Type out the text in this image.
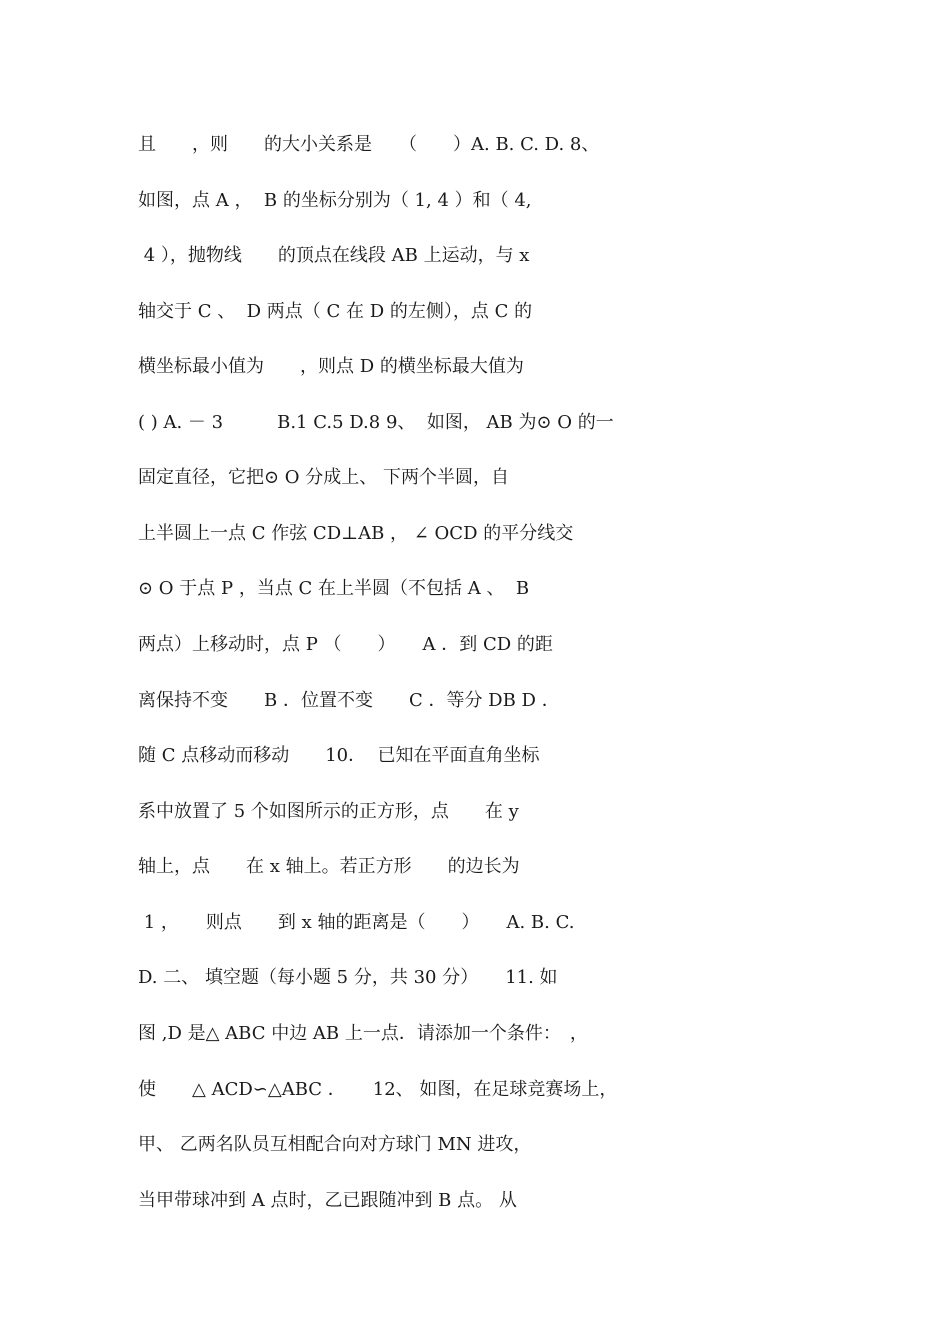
且　　，则　　的大小关系是　　（　　）A. B. C. D. 8、
如图，点 A ，  B 的坐标分别为（ 1, 4 ）和（ 4,
4 ），抛物线　　的顶点在线段 AB 上运动，与 x
轴交于 C 、  D 两点（ C 在 D 的左侧），点 C 的
横坐标最小值为　　，则点 D 的横坐标最大值为
( ) A. － 3　　　B.1 C.5 D.8 9、  如图， AB 为⊙ O 的一
固定直径，它把⊙ O 分成上、 下两个半圆，自
上半圆上一点 C 作弦 CD⊥AB ， ∠ OCD 的平分线交
⊙ O 于点 P ，当点 C 在上半圆（不包括 A 、  B
两点）上移动时，点 P （　　）　　A ．到 CD 的距
离保持不变　　B ．位置不变　　C ．等分 DB D ．
随 C 点移动而移动　　10．  已知在平面直角坐标
系中放置了 5 个如图所示的正方形，点　　在 y
轴上，点　　在 x 轴上。若正方形　　的边长为
1 ，　　则点　　到 x 轴的距离是（　　）　　A. B. C.
D. 二、 填空题（每小题 5 分，共 30 分）　　11. 如
图 ,D 是△ ABC 中边 AB 上一点．请添加一个条件：　，
使　　△ ACD∽△ABC ．　　12、 如图，在足球竞赛场上，
甲、 乙两名队员互相配合向对方球门 MN 进攻，
当甲带球冲到 A 点时，乙已跟随冲到 B 点。 从
